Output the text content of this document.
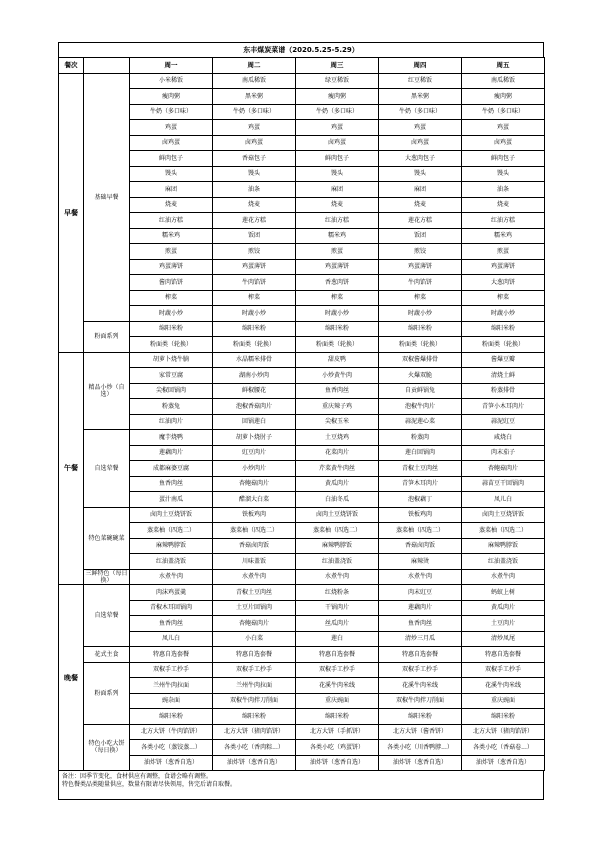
东丰煤炭菜谱（2020.5.25-5.29）
餐次		周一	周二	周三	周四	周五
早餐	基础早餐	小米稀饭	南瓜稀饭	绿豆稀饭	红豆稀饭	南瓜稀饭
		瘦肉粥	黑米粥	瘦肉粥	黑米粥	瘦肉粥
		牛奶（多口味）	牛奶（多口味）	牛奶（多口味）	牛奶（多口味）	牛奶（多口味）
		鸡蛋	鸡蛋	鸡蛋	鸡蛋	鸡蛋
		卤鸡蛋	卤鸡蛋	卤鸡蛋	卤鸡蛋	卤鸡蛋
		鲜肉包子	香菇包子	鲜肉包子	大葱肉包子	鲜肉包子
		馒头	馒头	馒头	馒头	馒头
		麻团	油条	麻团	麻团	油条
		烧麦	烧麦	烧麦	烧麦	烧麦
		红油方糕	莲花方糕	红油方糕	莲花方糕	红油方糕
		糯米鸡	饭团	糯米鸡	饭团	糯米鸡
		煎蛋	煎饺	煎蛋	煎饺	煎蛋
		鸡蛋薄饼	鸡蛋薄饼	鸡蛋薄饼	鸡蛋薄饼	鸡蛋薄饼
		酱肉馅饼	牛肉馅饼	香葱肉饼	牛肉馅饼	大葱肉饼
		榨菜	榨菜	榨菜	榨菜	榨菜
		时蔬小炒	时蔬小炒	时蔬小炒	时蔬小炒	时蔬小炒
	粉面系列	绵阳米粉	绵阳米粉	绵阳米粉	绵阳米粉	绵阳米粉
		粉面类（轮换）	粉面类（轮换）	粉面类（轮换）	粉面类（轮换）	粉面类（轮换）
午餐	精品小炒（自选）	胡萝卜烧牛腩	水晶糯米排骨	甜皮鸭	双椒酱爆排骨	酱爆豆瓣
		家常豆腐	湖南小炒肉	小炒黄牛肉	火爆双脆	清烧土鲜
		尖椒回锅肉	鲜椒腰花	鱼香肉丝	自贡鲜锅兔	粉蒸排骨
		粉蒸兔	泡椒香菇肉片	重庆辣子鸡	泡椒牛肉片	青笋小木耳肉片
		红油肉片	回锅莲白	尖椒玉米	蒜泥莲心菜	蒜泥豇豆
	自选荤餐	魔芋烧鸭	胡萝卜烧肘子	土豆烧鸡	粉蒸肉	咸烧白
		莲藕肉片	豇豆肉片	花菜肉片	莲白回锅肉	肉末茄子
		成都麻婆豆腐	小炒肉片	芹菜黄牛肉丝	青椒土豆肉丝	杏鲍菇肉片
		鱼香肉丝	杏鲍菇肉片	黄瓜肉片	青笋木耳肉片	蒜苗豆干回锅肉
		蛋汁南瓜	醋溜大白菜	白油冬瓜	泡椒藕丁	凤儿白
	特色菜碗碗菜	卤肉土豆烧饼饭	铁板鸡肉	卤肉土豆烧饼饭	铁板鸡肉	卤肉土豆烧饼饭
		蒸菜柚（四选二）	蒸菜柚（四选二）	蒸菜柚（四选二）	蒸菜柚（四选二）	蒸菜柚（四选二）
		麻辣鸭脖饭	香菇卤肉饭	麻辣鸭脖饭	香菇卤肉饭	麻辣鸭脖饭
		红油盖浇饭	川味盖饭	红油盖浇饭	麻辣烫	红油盖浇饭
	三鲜特色（每日换）	水煮牛肉	水煮牛肉	水煮牛肉	水煮牛肉	水煮牛肉
晚餐	自选荤餐	肉沫鸡蛋羹	青椒土豆肉丝	红烧粉条	肉末豇豆	蚂蚁上树
		青椒木耳回锅肉	土豆片回锅肉	干锅肉片	莲藕肉片	黄瓜肉片
		鱼香肉丝	杏鲍菇肉片	丝瓜肉片	鱼香肉丝	土豆肉片
		凤儿白	小白菜	莲白	清炒三月瓜	清炒凤尾
	花式主食	特惠自选套餐	特惠自选套餐	特惠自选套餐	特惠自选套餐	特惠自选套餐
	粉面系列	双椒手工抄手	双椒手工抄手	双椒手工抄手	双椒手工抄手	双椒手工抄手
		兰州牛肉拉面	兰州牛肉拉面	花溪牛肉米线	花溪牛肉米线	花溪牛肉米线
		豌杂面	双椒牛肉拌刀削面	重庆豌面	双椒牛肉拌刀削面	重庆豌面
		绵阳米粉	绵阳米粉	绵阳米粉	绵阳米粉	绵阳米粉
	特色小吃大饼（每日换）	北方大饼（牛肉馅饼）	北方大饼（猪肉馅饼）	北方大饼（手抓饼）	北方大饼（酱香饼）	北方大饼（猪肉馅饼）
		各类小吃（蒸饺蒸...）	各类小吃（香肉粽...）	各类小吃（鸡蛋饼）	各类小吃（川香鸭脖...）	各类小吃（香菇卷...）
		油炸饼（葱香自选）	油炸饼（葱香自选）	油炸饼（葱香自选）	油炸饼（葱香自选）	油炸饼（葱香自选）
备注：因季节变化，食材供应有调整，食谱会略有调整。
特色餐类品类随量供应，数量有限请尽快领用，售完后请自取餐。
